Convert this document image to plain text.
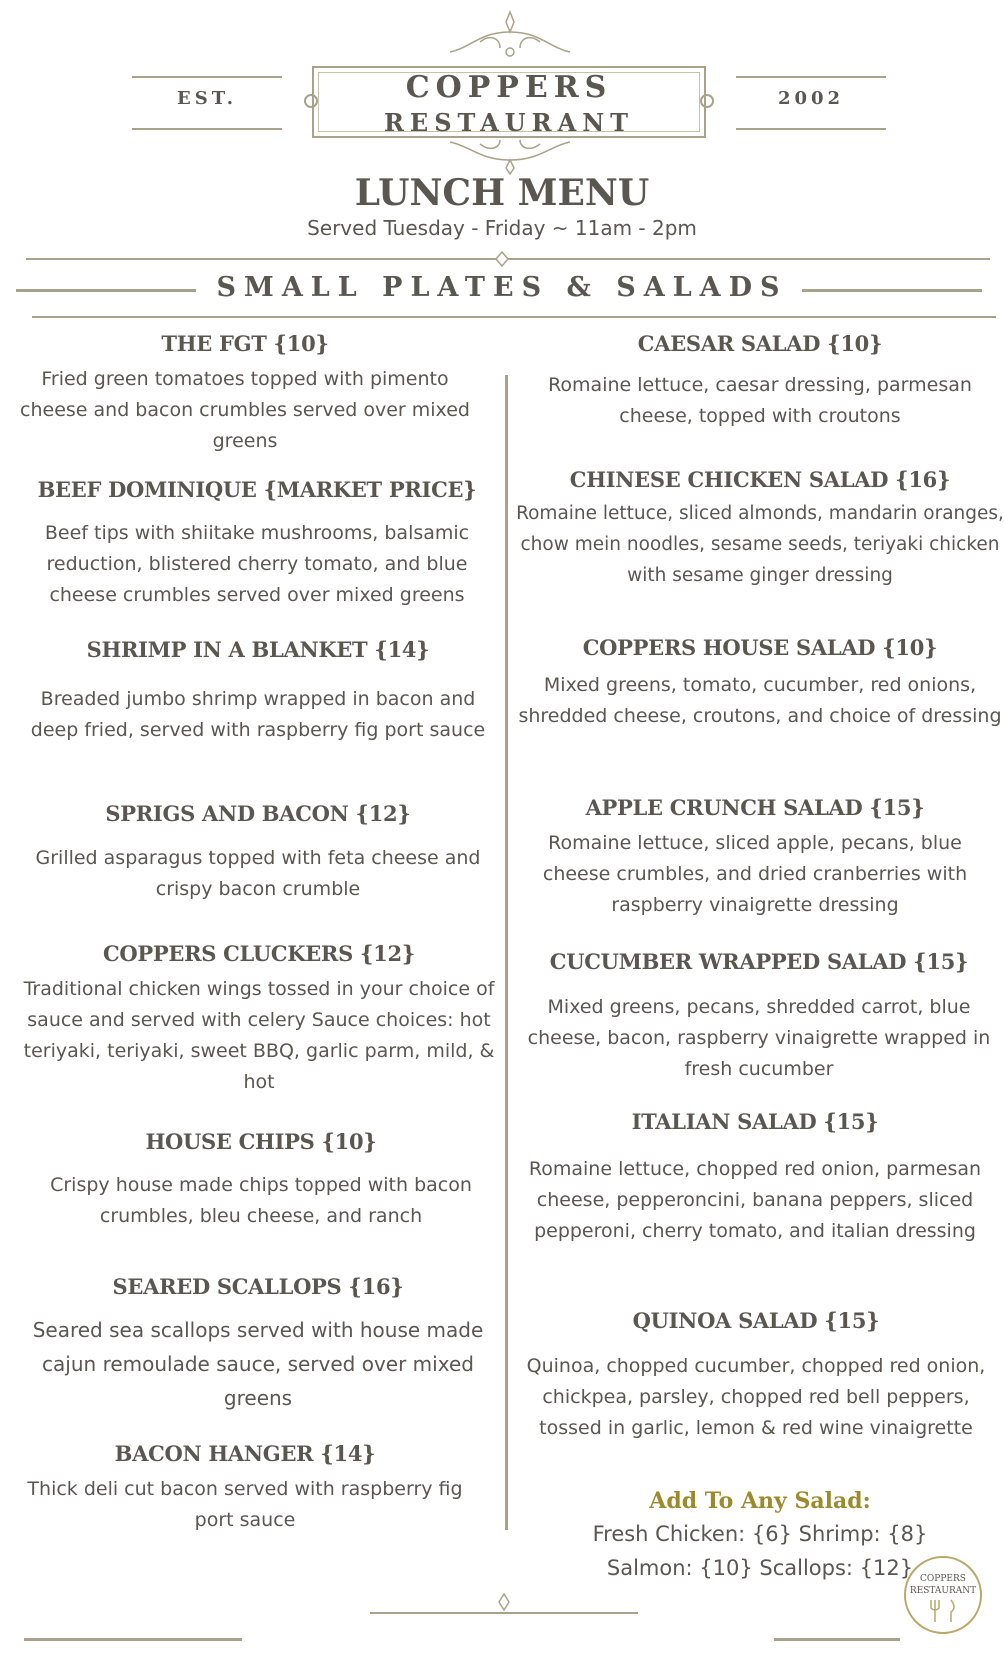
EST.	2002
COPPERS
RESTAURANT
LUNCH MENU
Served Tuesday - Friday ~ 11am - 2pm
SMALL PLATES & SALADS
THE FGT {10}

Fried green tomatoes topped with pimento cheese and bacon crumbles served over mixed greens

BEEF DOMINIQUE {MARKET PRICE}

Beef tips with shiitake mushrooms, balsamic reduction, blistered cherry tomato, and blue cheese crumbles served over mixed greens

SHRIMP IN A BLANKET {14}

Breaded jumbo shrimp wrapped in bacon and deep fried, served with raspberry fig port sauce

SPRIGS AND BACON {12}

Grilled asparagus topped with feta cheese and crispy bacon crumble

COPPERS CLUCKERS {12}

Traditional chicken wings tossed in your choice of sauce and served with celery Sauce choices: hot teriyaki, teriyaki, sweet BBQ, garlic parm, mild, & hot

HOUSE CHIPS {10}

Crispy house made chips topped with bacon crumbles, bleu cheese, and ranch

SEARED SCALLOPS {16}

Seared sea scallops served with house made cajun remoulade sauce, served over mixed greens

BACON HANGER {14}

Thick deli cut bacon served with raspberry fig port sauce

CAESAR SALAD {10}

Romaine lettuce, caesar dressing, parmesan cheese, topped with croutons

CHINESE CHICKEN SALAD {16}

Romaine lettuce, sliced almonds, mandarin oranges, chow mein noodles, sesame seeds, teriyaki chicken with sesame ginger dressing

COPPERS HOUSE SALAD {10}

Mixed greens, tomato, cucumber, red onions, shredded cheese, croutons, and choice of dressing

APPLE CRUNCH SALAD {15}

Romaine lettuce, sliced apple, pecans, blue cheese crumbles, and dried cranberries with raspberry vinaigrette dressing

CUCUMBER WRAPPED SALAD {15}

Mixed greens, pecans, shredded carrot, blue cheese, bacon, raspberry vinaigrette wrapped in fresh cucumber

ITALIAN SALAD {15}

Romaine lettuce, chopped red onion, parmesan cheese, pepperoncini, banana peppers, sliced pepperoni, cherry tomato, and italian dressing

QUINOA SALAD {15}

Quinoa, chopped cucumber, chopped red onion, chickpea, parsley, chopped red bell peppers, tossed in garlic, lemon & red wine vinaigrette

Add To Any Salad:
Fresh Chicken: {6} Shrimp: {8}
Salmon: {10} Scallops: {12} COPPERS
RESTAURANT
